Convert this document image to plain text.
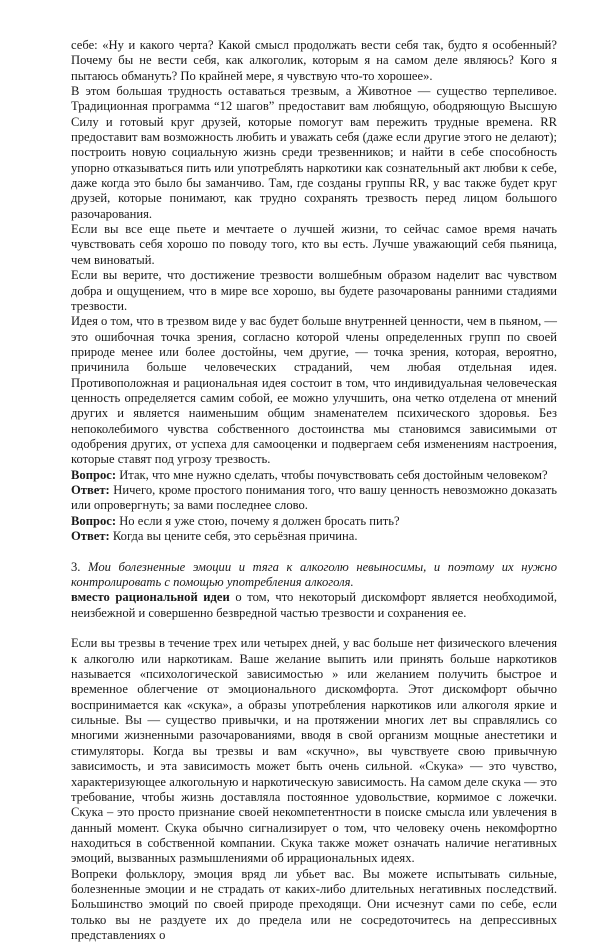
себе: «Ну и какого черта? Какой смысл продолжать вести себя так, будто я особенный? Почему бы не вести себя, как алкоголик, которым я на самом деле являюсь? Кого я пытаюсь обмануть? По крайней мере, я чувствую что-то хорошее».

В этом большая трудность оставаться трезвым, а Животное — существо терпеливое. Традиционная программа “12 шагов” предоставит вам любящую, ободряющую Высшую Силу и готовый круг друзей, которые помогут вам пережить трудные времена. RR предоставит вам возможность любить и уважать себя (даже если другие этого не делают); построить новую социальную жизнь среди трезвенников; и найти в себе способность упорно отказываться пить или употреблять наркотики как сознательный акт любви к себе, даже когда это было бы заманчиво. Там, где созданы группы RR, у вас также будет круг друзей, которые понимают, как трудно сохранять трезвость перед лицом большого разочарования.

Если вы все еще пьете и мечтаете о лучшей жизни, то сейчас самое время начать чувствовать себя хорошо по поводу того, кто вы есть. Лучше уважающий себя пьяница, чем виноватый.

Если вы верите, что достижение трезвости волшебным образом наделит вас чувством добра и ощущением, что в мире все хорошо, вы будете разочарованы ранними стадиями трезвости.

Идея о том, что в трезвом виде у вас будет больше внутренней ценности, чем в пьяном, — это ошибочная точка зрения, согласно которой члены определенных групп по своей природе менее или более достойны, чем другие, — точка зрения, которая, вероятно, причинила больше человеческих страданий, чем любая отдельная идея. Противоположная и рациональная идея состоит в том, что индивидуальная человеческая ценность определяется самим собой, ее можно улучшить, она четко отделена от мнений других и является наименьшим общим знаменателем психического здоровья. Без непоколебимого чувства собственного достоинства мы становимся зависимыми от одобрения других, от успеха для самооценки и подвергаем себя изменениям настроения, которые ставят под угрозу трезвость.

Вопрос: Итак, что мне нужно сделать, чтобы почувствовать себя достойным человеком?

Ответ: Ничего, кроме простого понимания того, что вашу ценность невозможно доказать или опровергнуть; за вами последнее слово.

Вопрос: Но если я уже стою, почему я должен бросать пить?

Ответ: Когда вы цените себя, это серьёзная причина.

3. Мои болезненные эмоции и тяга к алкоголю невыносимы, и поэтому их нужно контролировать с помощью употребления алкоголя.

вместо рациональной идеи о том, что некоторый дискомфорт является необходимой, неизбежной и совершенно безвредной частью трезвости и сохранения ее.

Если вы трезвы в течение трех или четырех дней, у вас больше нет физического влечения к алкоголю или наркотикам. Ваше желание выпить или принять больше наркотиков называется «психологической зависимостью » или желанием получить быстрое и временное облегчение от эмоционального дискомфорта. Этот дискомфорт обычно воспринимается как «скука», а образы употребления наркотиков или алкоголя яркие и сильные. Вы — существо привычки, и на протяжении многих лет вы справлялись со многими жизненными разочарованиями, вводя в свой организм мощные анестетики и стимуляторы. Когда вы трезвы и вам «скучно», вы чувствуете свою привычную зависимость, и эта зависимость может быть очень сильной. «Скука» — это чувство, характеризующее алкогольную и наркотическую зависимость. На самом деле скука — это требование, чтобы жизнь доставляла постоянное удовольствие, кормимое с ложечки. Скука – это просто признание своей некомпетентности в поиске смысла или увлечения в данный момент. Скука обычно сигнализирует о том, что человеку очень некомфортно находиться в собственной компании. Скука также может означать наличие негативных эмоций, вызванных размышлениями об иррациональных идеях.

Вопреки фольклору, эмоция вряд ли убьет вас. Вы можете испытывать сильные, болезненные эмоции и не страдать от каких-либо длительных негативных последствий. Большинство эмоций по своей природе преходящи. Они исчезнут сами по себе, если только вы не раздуете их до предела или не сосредоточитесь на депрессивных представлениях о
